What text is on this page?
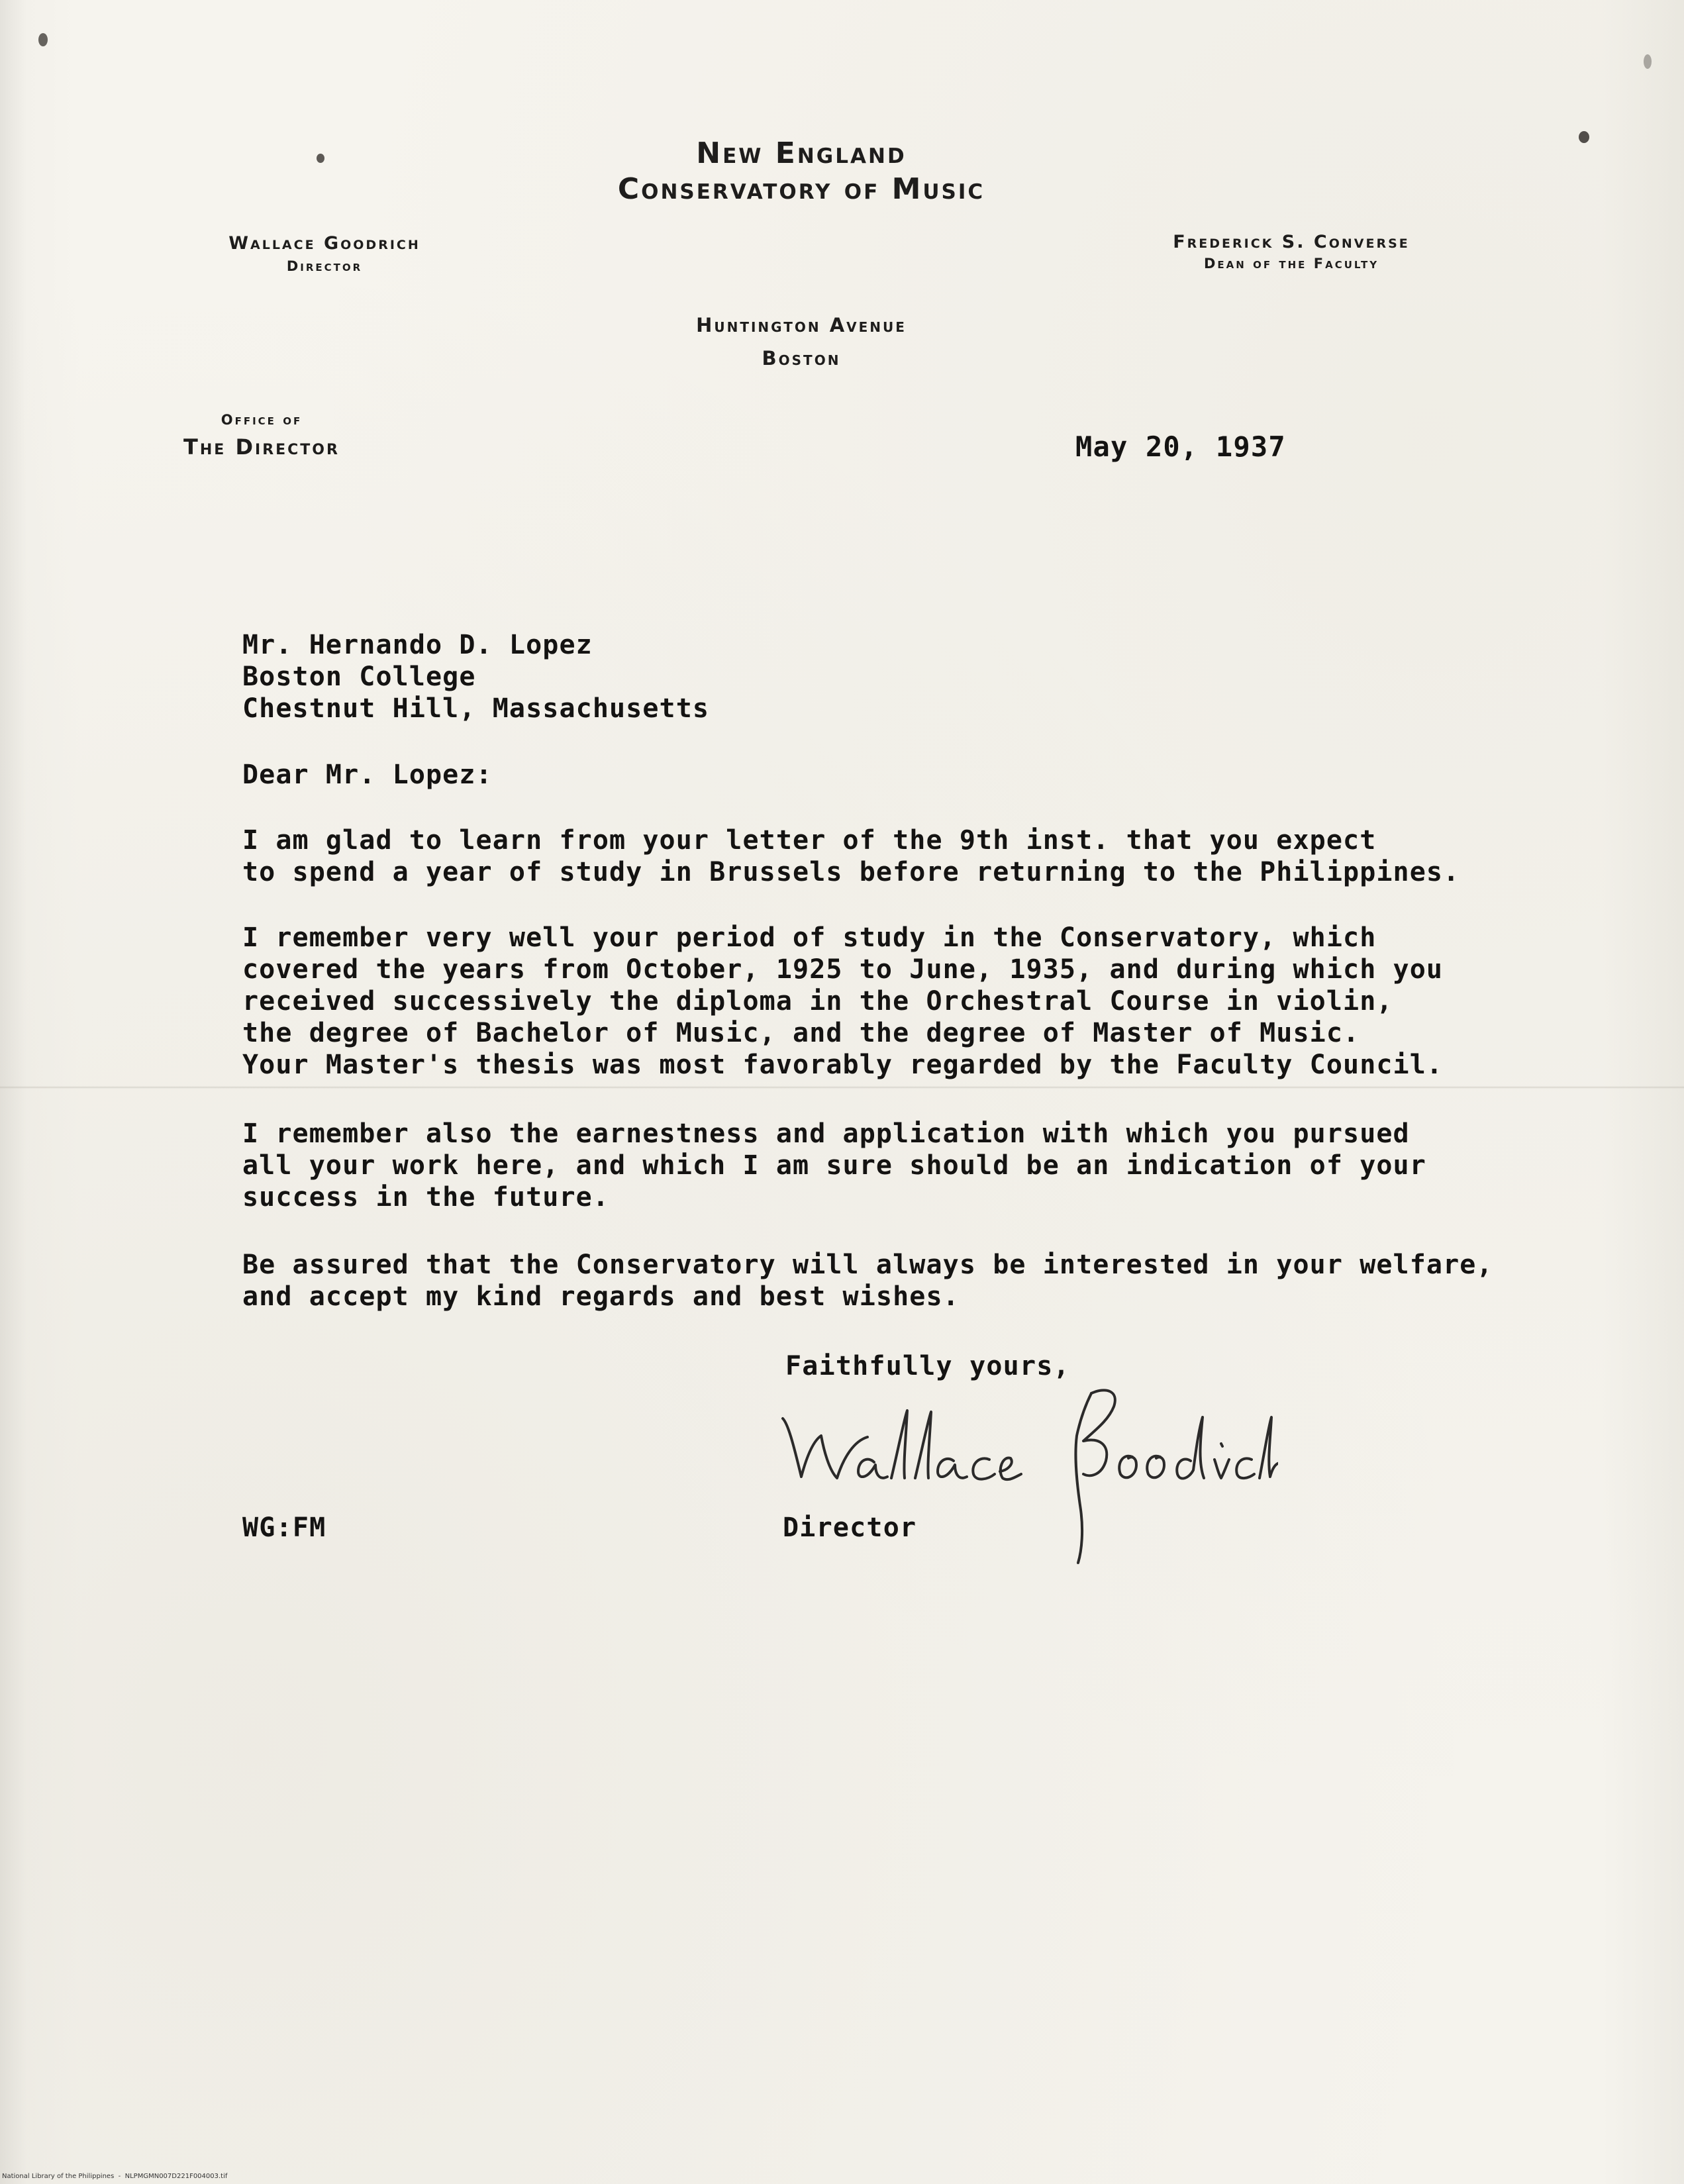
New England
Conservatory of Music
Wallace Goodrich
Director
Frederick S. Converse
Dean of the Faculty
Huntington Avenue
Boston
Office of
The Director	May 20, 1937
Mr. Hernando D. Lopez
Boston College
Chestnut Hill, Massachusetts
Dear Mr. Lopez:
I am glad to learn from your letter of the 9th inst. that you expect
to spend a year of study in Brussels before returning to the Philippines.
I remember very well your period of study in the Conservatory, which
covered the years from October, 1925 to June, 1935, and during which you
received successively the diploma in the Orchestral Course in violin,
the degree of Bachelor of Music, and the degree of Master of Music.
Your Master's thesis was most favorably regarded by the Faculty Council.
I remember also the earnestness and application with which you pursued
all your work here, and which I am sure should be an indication of your
success in the future.
Be assured that the Conservatory will always be interested in your welfare,
and accept my kind regards and best wishes.
Faithfully yours,
Director
WG:FM
National Library of the Philippines  -  NLPMGMN007D221F004003.tif
